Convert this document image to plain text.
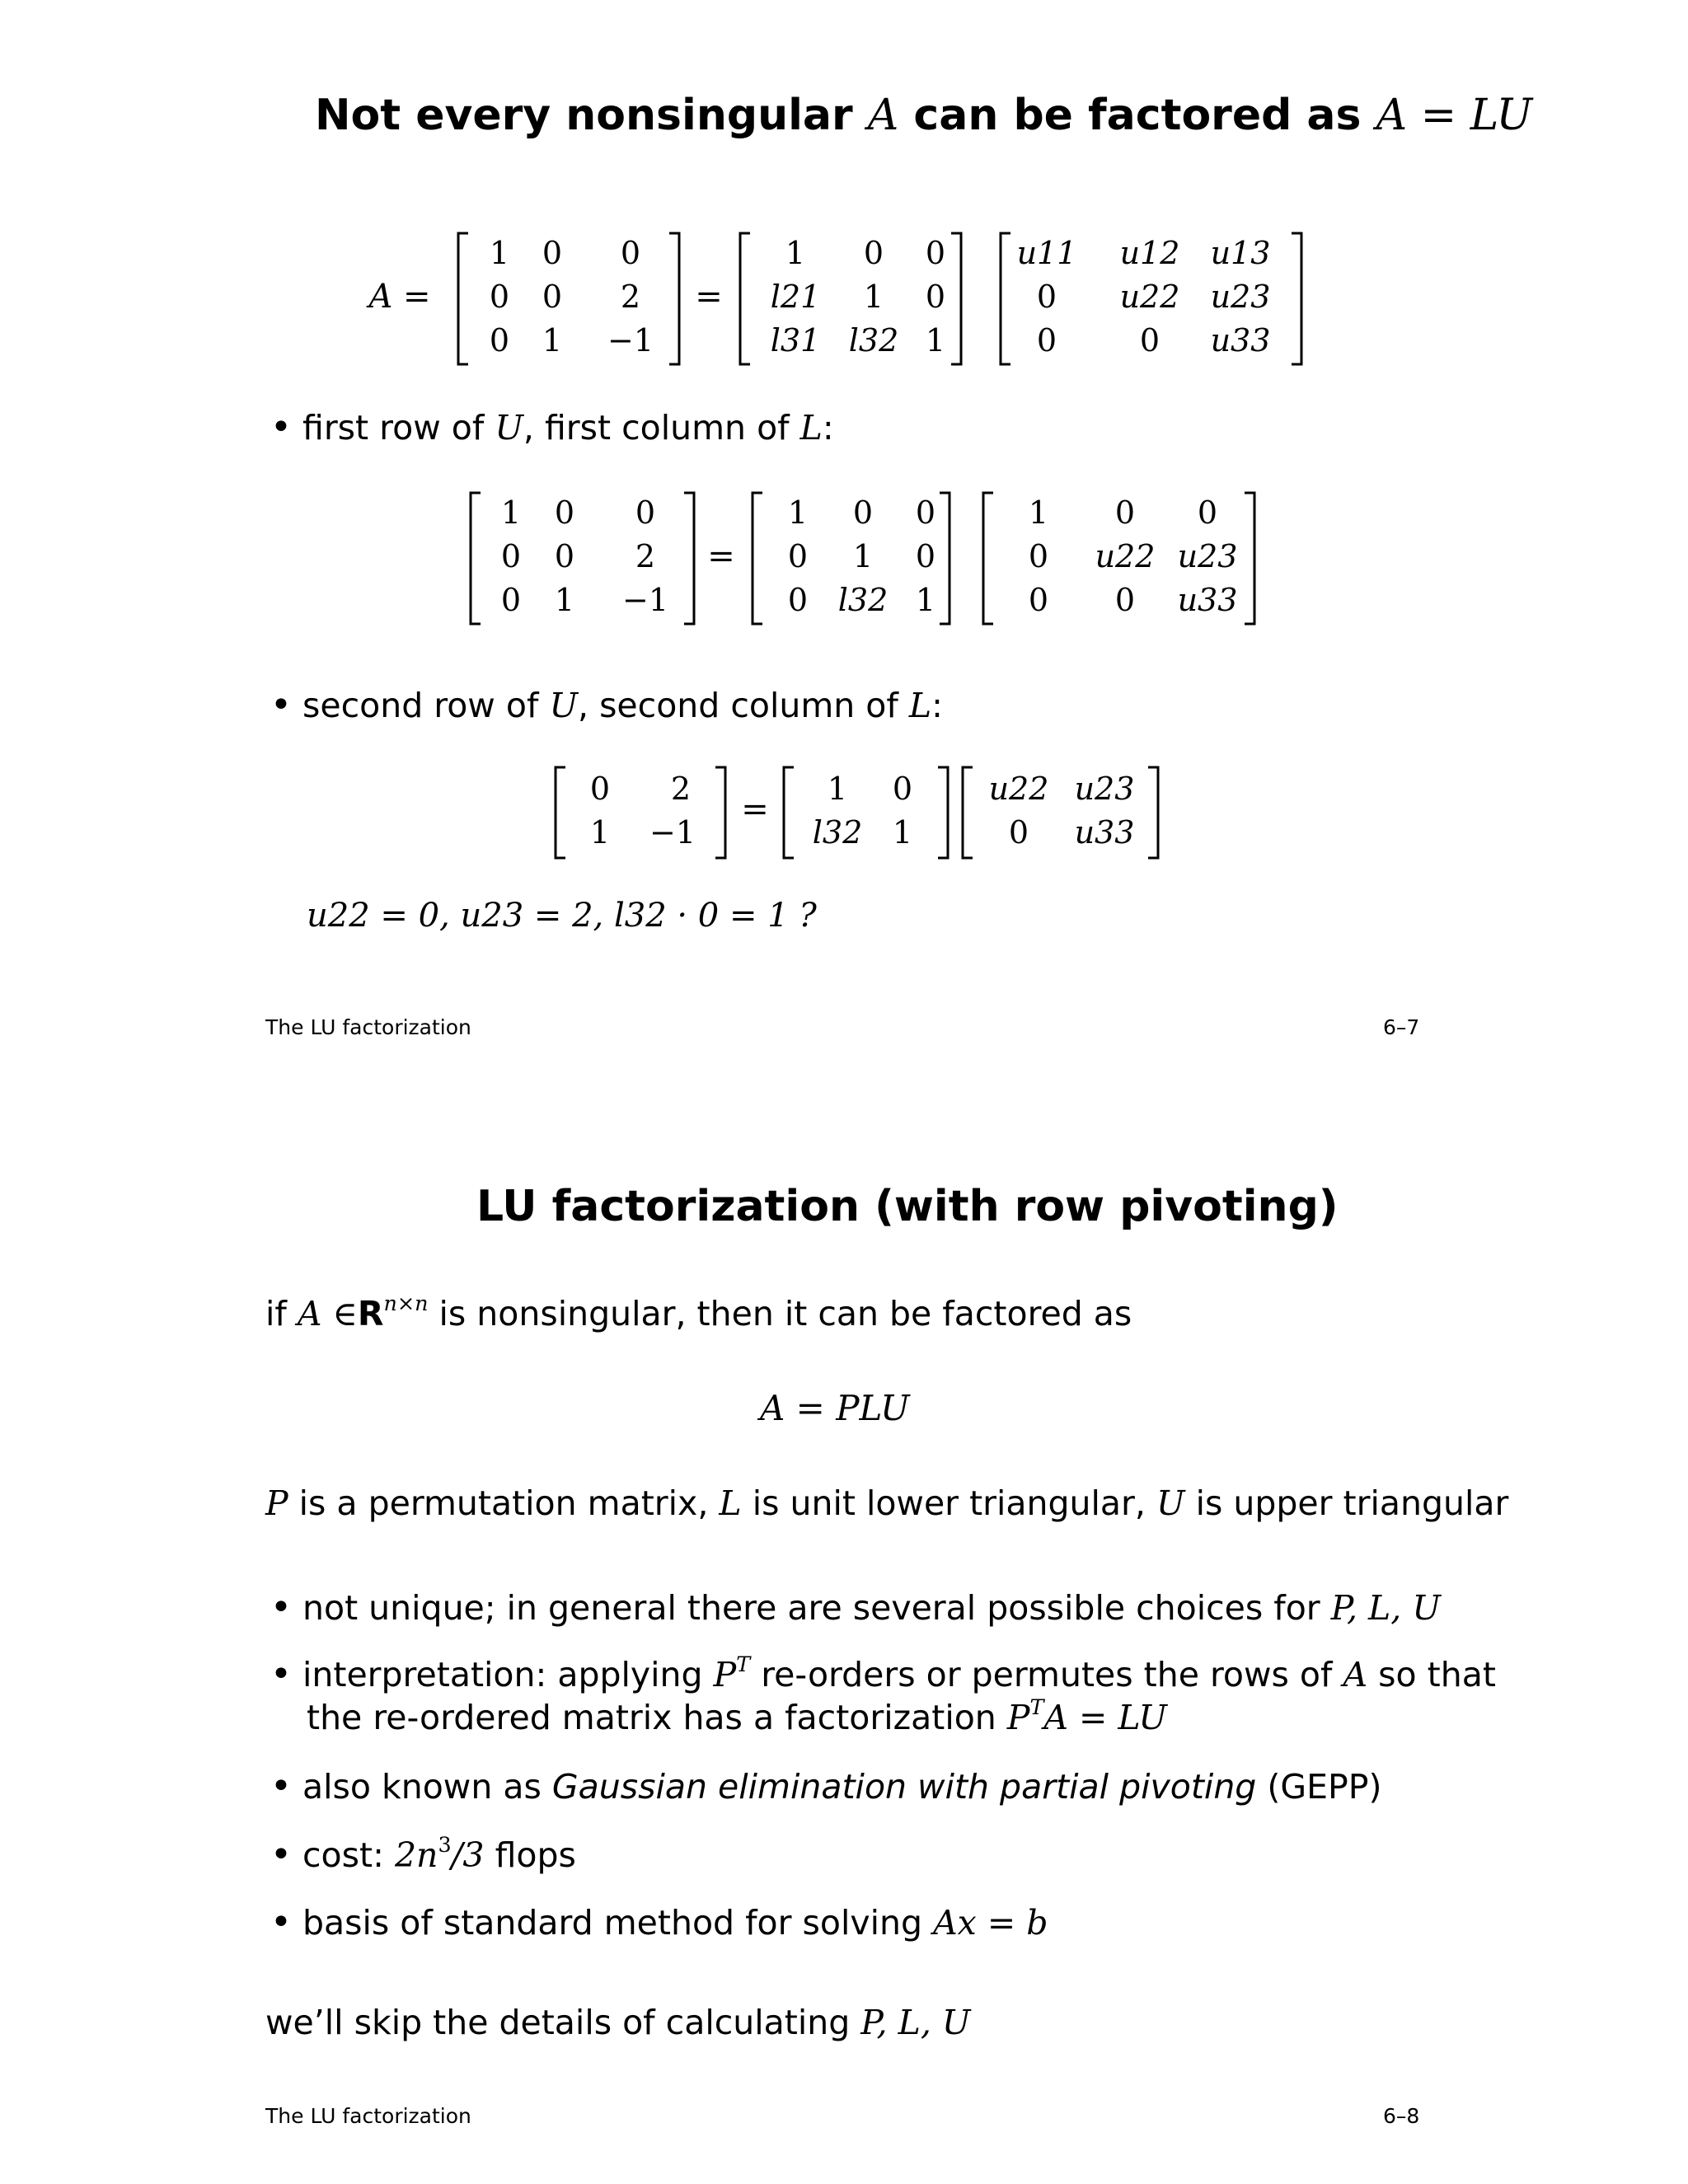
Not every nonsingular A can be factored as A = LU
A =
1 0 0
0 0 2
0 1 −1
=
1 0 0
l21 1 0
l31 l32 1
u11 u12 u13
0 u22 u23
0	0 u33
• first row of U, first column of L:
1 0 0
0 0 2
0 1 −1
=
1 0 0
0 1 0
0 l32 1
1 0 0
0 u22 u23
0 0 u33
• second row of U, second column of L:
0 2
1 −1
=
1 0
l32 1
u22 u23
0 u33
u22 = 0, u23 = 2, l32 · 0 = 1 ?
The LU factorization	6–7
LU factorization (with row pivoting)
if A $\in R^{n\times n}$ is nonsingular, then it can be factored as
A = PLU
P is a permutation matrix, L is unit lower triangular, U is upper triangular
• not unique; in general there are several possible choices for P, L, U
• interpretation: applying $P^T$ re-orders or permutes the rows of A so that
the re-ordered matrix has a factorization $P^TA$ = LU
• also known as Gaussian elimination with partial pivoting (GEPP)
• cost: $2n^3/3$ flops
• basis of standard method for solving Ax = b
we’ll skip the details of calculating P, L, U
The LU factorization	6–8
